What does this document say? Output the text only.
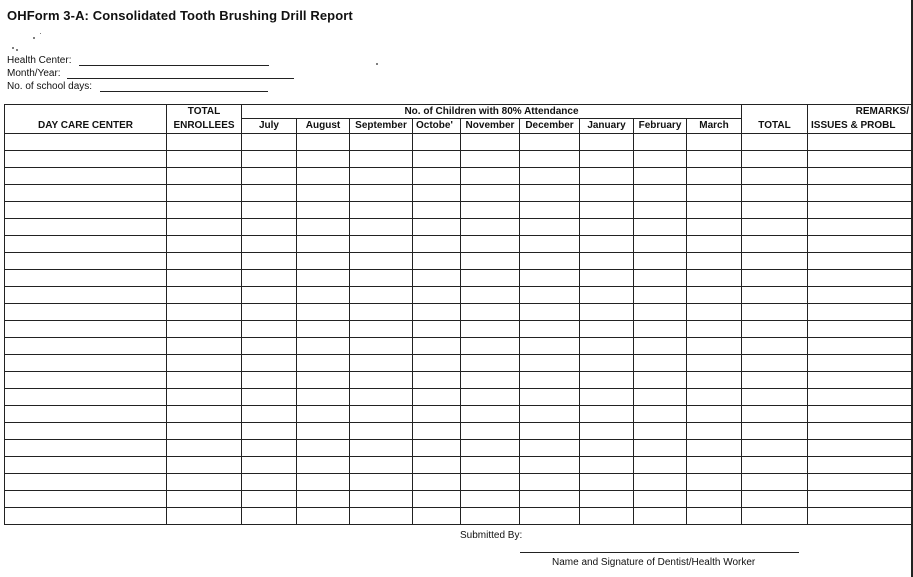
OHForm 3-A: Consolidated Tooth Brushing Drill Report
Health Center:
Month/Year:
No. of school days:
	TOTAL	No. of Children with 80% Attendance										REMARKS/
DAY CARE CENTER	ENROLLEES	July	August	September	Octobe'	November	December	January	February	March	TOTAL	ISSUES & PROBL

Submitted By:
Name and Signature of Dentist/Health Worker
